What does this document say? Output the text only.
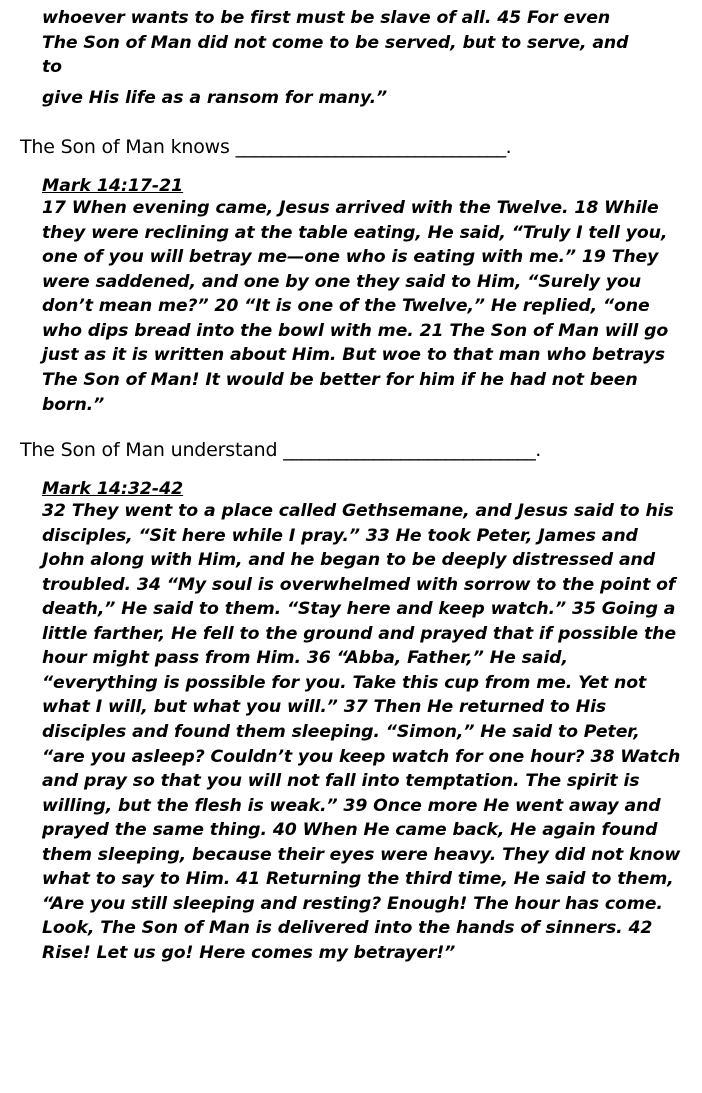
whoever wants to be first must be slave of all. 45 For even
The Son of Man did not come to be served, but to serve, and
to
give His life as a ransom for many.”

The Son of Man knows ______________________________.

Mark 14:17-21

17 When evening came, Jesus arrived with the Twelve. 18 While they were reclining at the table eating, He said, “Truly I tell you, one of you will betray me—one who is eating with me.” 19 They were saddened, and one by one they said to Him, “Surely you don’t mean me?” 20 “It is one of the Twelve,” He replied, “one who dips bread into the bowl with me. 21 The Son of Man will go just as it is written about Him. But woe to that man who betrays The Son of Man! It would be better for him if he had not been born.”

The Son of Man understand ____________________________.

Mark 14:32-42

32 They went to a place called Gethsemane, and Jesus said to his disciples, “Sit here while I pray.” 33 He took Peter, James and John along with Him, and he began to be deeply distressed and troubled. 34 “My soul is overwhelmed with sorrow to the point of death,” He said to them. “Stay here and keep watch.” 35 Going a little farther, He fell to the ground and prayed that if possible the hour might pass from Him. 36 “Abba, Father,” He said, “everything is possible for you. Take this cup from me. Yet not what I will, but what you will.” 37 Then He returned to His disciples and found them sleeping. “Simon,” He said to Peter, “are you asleep? Couldn’t you keep watch for one hour? 38 Watch and pray so that you will not fall into temptation. The spirit is willing, but the flesh is weak.” 39 Once more He went away and prayed the same thing. 40 When He came back, He again found them sleeping, because their eyes were heavy. They did not know what to say to Him. 41 Returning the third time, He said to them, “Are you still sleeping and resting? Enough! The hour has come. Look, The Son of Man is delivered into the hands of sinners. 42 Rise! Let us go! Here comes my betrayer!”
